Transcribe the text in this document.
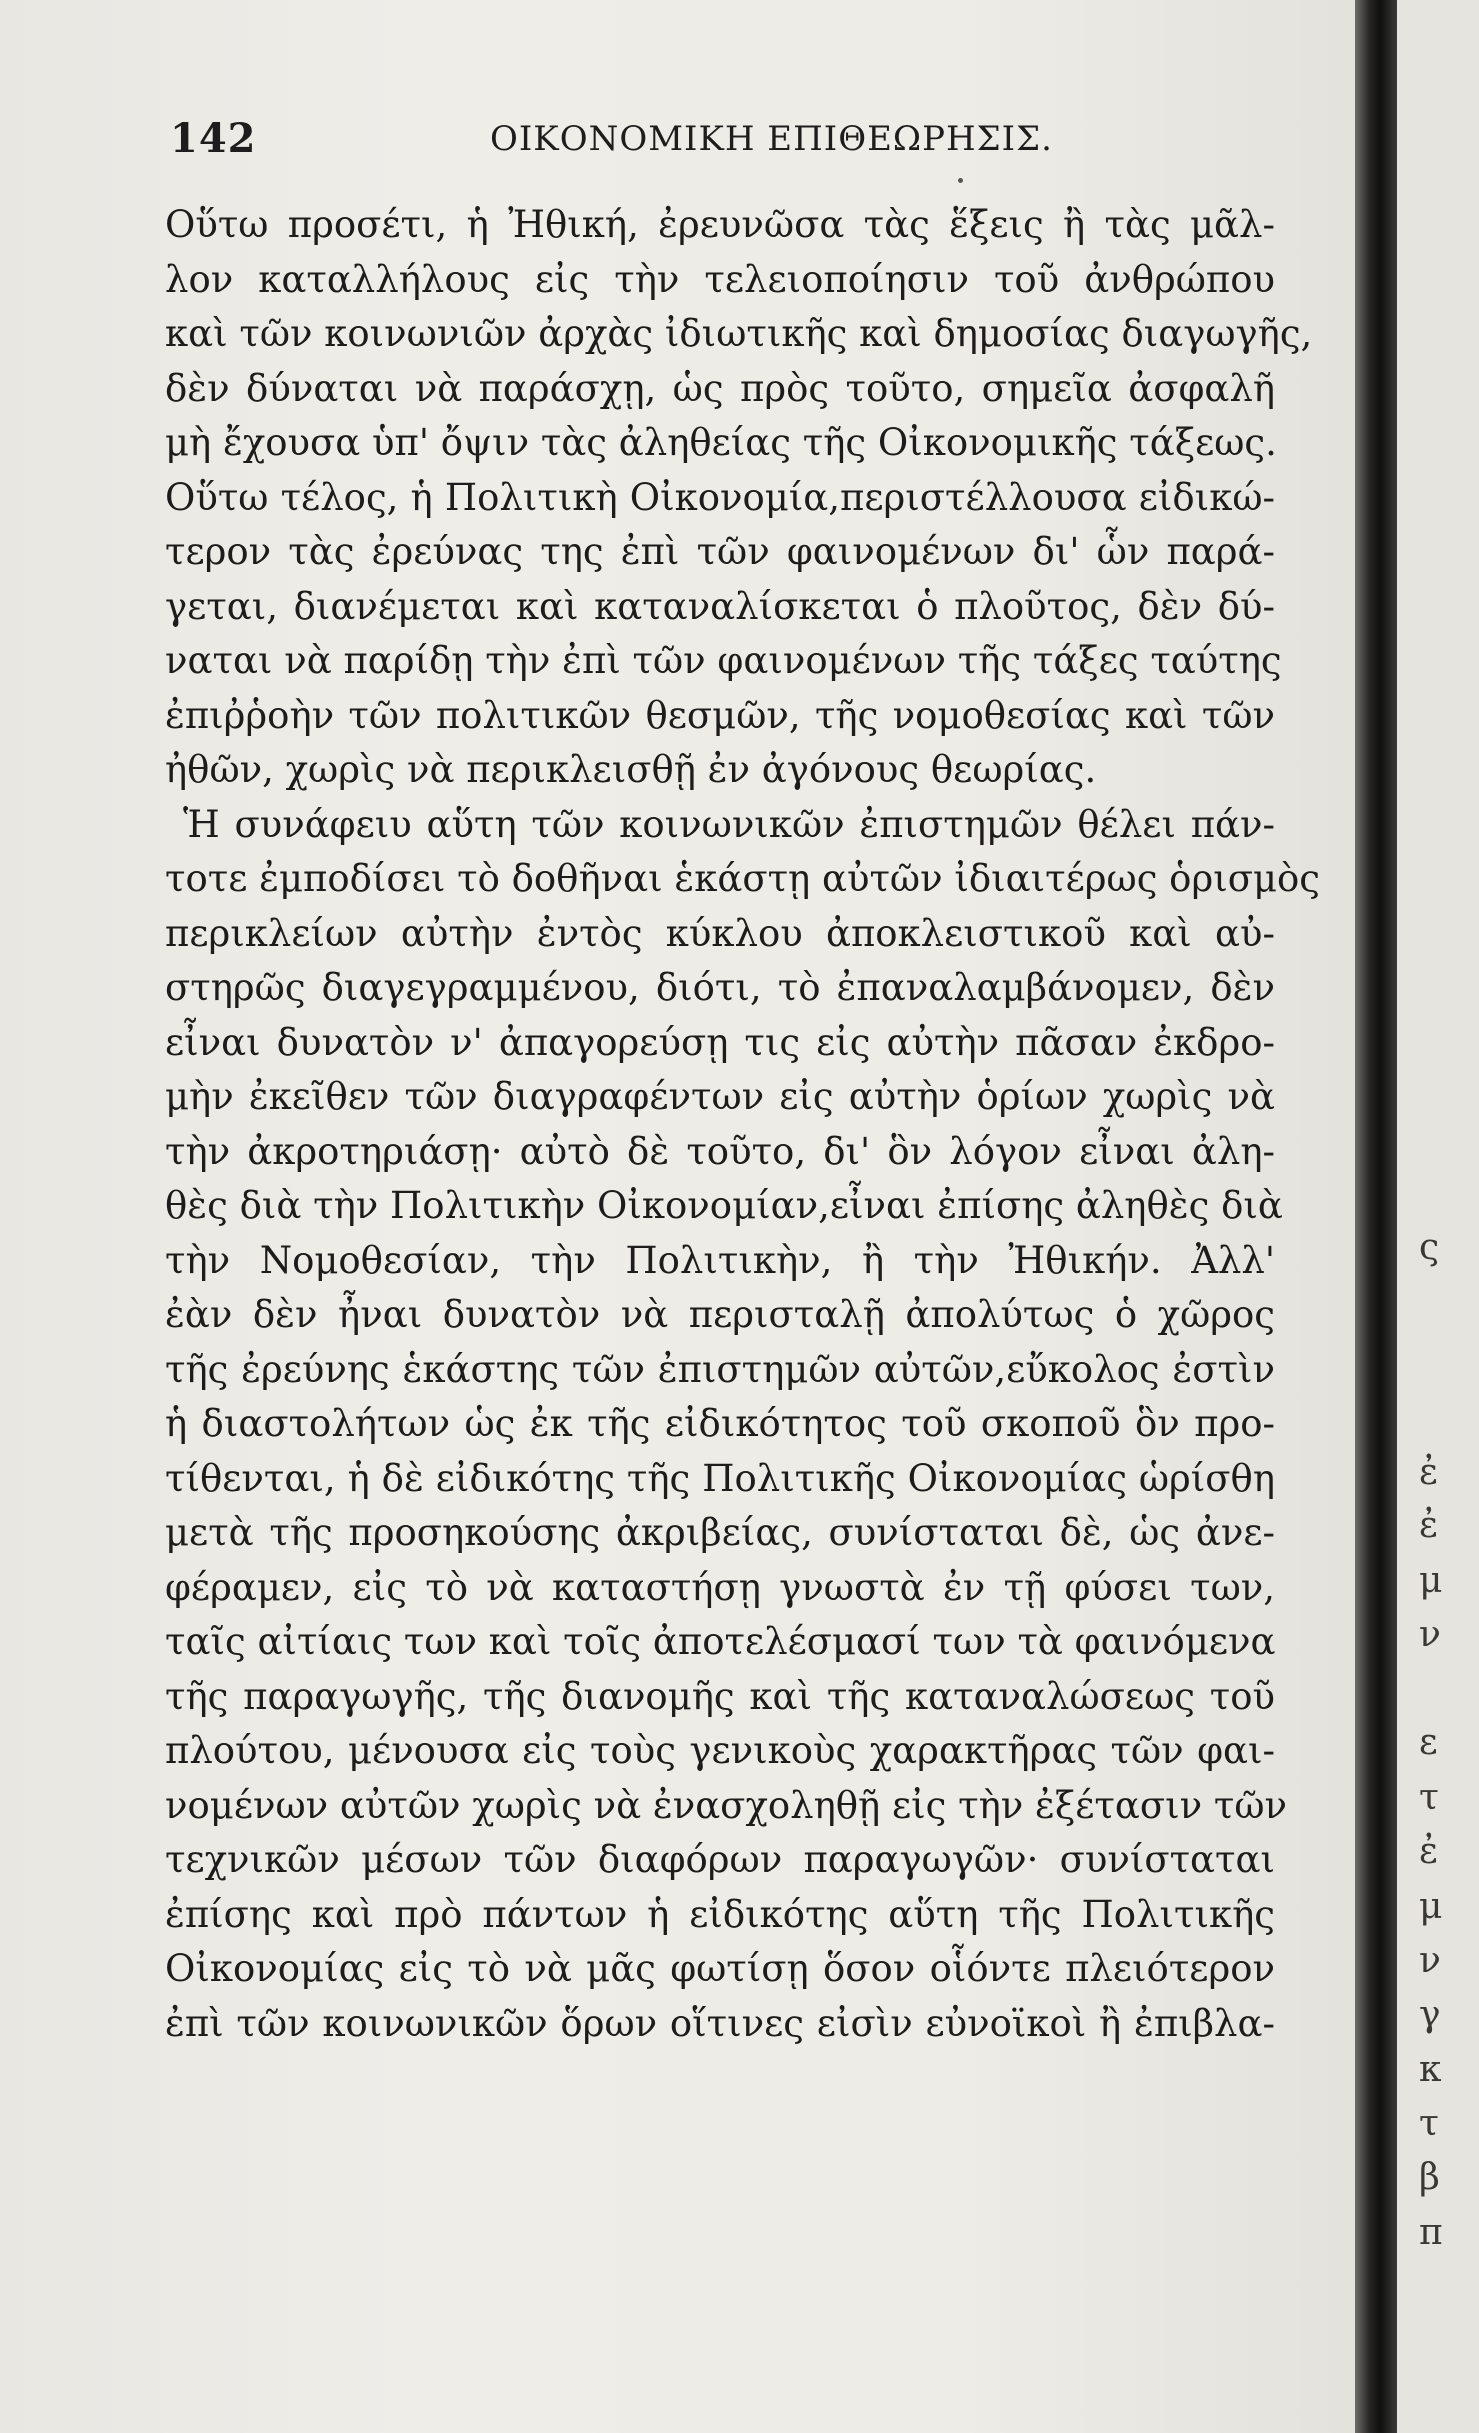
142	ΟΙΚΟΝΟΜΙΚΗ ΕΠΙΘΕΩΡΗΣΙΣ.
Οὕτω προσέτι, ἡ Ἠθική, ἐρευνῶσα τὰς ἕξεις ἢ τὰς μᾶλ-
λον καταλλήλους εἰς τὴν τελειοποίησιν τοῦ ἀνθρώπου
καὶ τῶν κοινωνιῶν ἀρχὰς ἰδιωτικῆς καὶ δημοσίας διαγωγῆς,
δὲν δύναται νὰ παράσχῃ, ὡς πρὸς τοῦτο, σημεῖα ἀσφαλῆ
μὴ ἔχουσα ὑπ' ὄψιν τὰς ἀληθείας τῆς Οἰκονομικῆς τάξεως.
Οὕτω τέλος, ἡ Πολιτικὴ Οἰκονομία,περιστέλλουσα εἰδικώ-
τερον τὰς ἐρεύνας της ἐπὶ τῶν φαινομένων δι' ὧν παρά-
γεται, διανέμεται καὶ καταναλίσκεται ὁ πλοῦτος, δὲν δύ-
ναται νὰ παρίδῃ τὴν ἐπὶ τῶν φαινομένων τῆς τάξες ταύτης
ἐπιῤῥοὴν τῶν πολιτικῶν θεσμῶν, τῆς νομοθεσίας καὶ τῶν
ἠθῶν, χωρὶς νὰ περικλεισθῇ ἐν ἀγόνους θεωρίας.
Ἡ συνάφειυ αὕτη τῶν κοινωνικῶν ἐπιστημῶν θέλει πάν-
τοτε ἐμποδίσει τὸ δοθῆναι ἑκάστῃ αὐτῶν ἰδιαιτέρως ὁρισμὸς
περικλείων αὐτὴν ἐντὸς κύκλου ἀποκλειστικοῦ καὶ αὐ-
στηρῶς διαγεγραμμένου, διότι, τὸ ἐπαναλαμβάνομεν, δὲν
εἶναι δυνατὸν ν' ἀπαγορεύσῃ τις εἰς αὐτὴν πᾶσαν ἐκδρο-
μὴν ἐκεῖθεν τῶν διαγραφέντων εἰς αὐτὴν ὁρίων χωρὶς νὰ
τὴν ἀκροτηριάσῃ· αὐτὸ δὲ τοῦτο, δι' ὃν λόγον εἶναι ἀλη-
θὲς διὰ τὴν Πολιτικὴν Οἰκονομίαν,εἶναι ἐπίσης ἀληθὲς διὰ
τὴν Νομοθεσίαν, τὴν Πολιτικὴν, ἢ τὴν Ἠθικήν. Ἀλλ'
ἐὰν δὲν ἦναι δυνατὸν νὰ περισταλῇ ἀπολύτως ὁ χῶρος
τῆς ἐρεύνης ἑκάστης τῶν ἐπιστημῶν αὐτῶν,εὔκολος ἐστὶν
ἡ διαστολήτων ὡς ἐκ τῆς εἰδικότητος τοῦ σκοποῦ ὃν προ-
τίθενται, ἡ δὲ εἰδικότης τῆς Πολιτικῆς Οἰκονομίας ὡρίσθη
μετὰ τῆς προσηκούσης ἀκριβείας, συνίσταται δὲ, ὡς ἀνε-
φέραμεν, εἰς τὸ νὰ καταστήσῃ γνωστὰ ἐν τῇ φύσει των,
ταῖς αἰτίαις των καὶ τοῖς ἀποτελέσμασί των τὰ φαινόμενα
τῆς παραγωγῆς, τῆς διανομῆς καὶ τῆς καταναλώσεως τοῦ
πλούτου, μένουσα εἰς τοὺς γενικοὺς χαρακτῆρας τῶν φαι-
νομένων αὐτῶν χωρὶς νὰ ἐνασχοληθῇ εἰς τὴν ἐξέτασιν τῶν
τεχνικῶν μέσων τῶν διαφόρων παραγωγῶν· συνίσταται
ἐπίσης καὶ πρὸ πάντων ἡ εἰδικότης αὕτη τῆς Πολιτικῆς
Οἰκονομίας εἰς τὸ νὰ μᾶς φωτίσῃ ὅσον οἷόντε πλειότερον
ἐπὶ τῶν κοινωνικῶν ὅρων οἵτινες εἰσὶν εὐνοϊκοὶ ἢ ἐπιβλα-
ς
ἐ
ἐ
μ
ν
ε
τ
ἐ
μ
ν
γ
κ
τ
β
π
